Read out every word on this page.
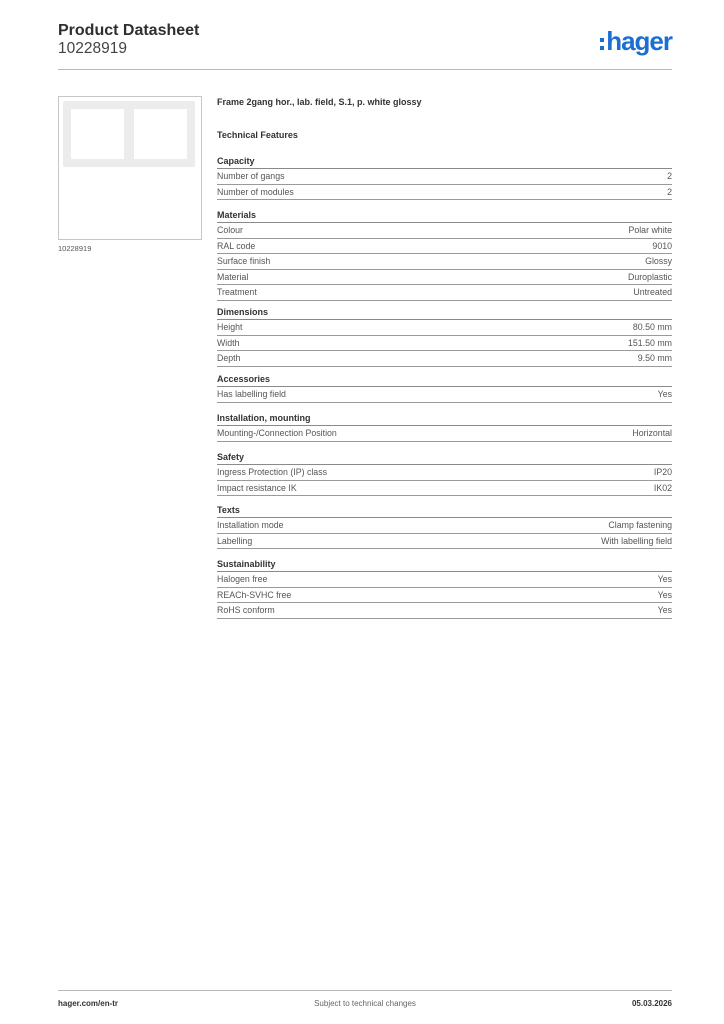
Product Datasheet
10228919	hager
10228919
Frame 2gang hor., lab. field, S.1, p. white glossy
Technical Features
Capacity
Number of gangs	2
Number of modules	2
Materials
Colour	Polar white
RAL code	9010
Surface finish	Glossy
Material	Duroplastic
Treatment	Untreated
Dimensions
Height	80.50 mm
Width	151.50 mm
Depth	9.50 mm
Accessories
Has labelling field	Yes
Installation, mounting
Mounting-/Connection Position	Horizontal
Safety
Ingress Protection (IP) class	IP20
Impact resistance IK	IK02
Texts
Installation mode	Clamp fastening
Labelling	With labelling field
Sustainability
Halogen free	Yes
REACh-SVHC free	Yes
RoHS conform	Yes
hager.com/en-tr	Subject to technical changes	05.03.2026
